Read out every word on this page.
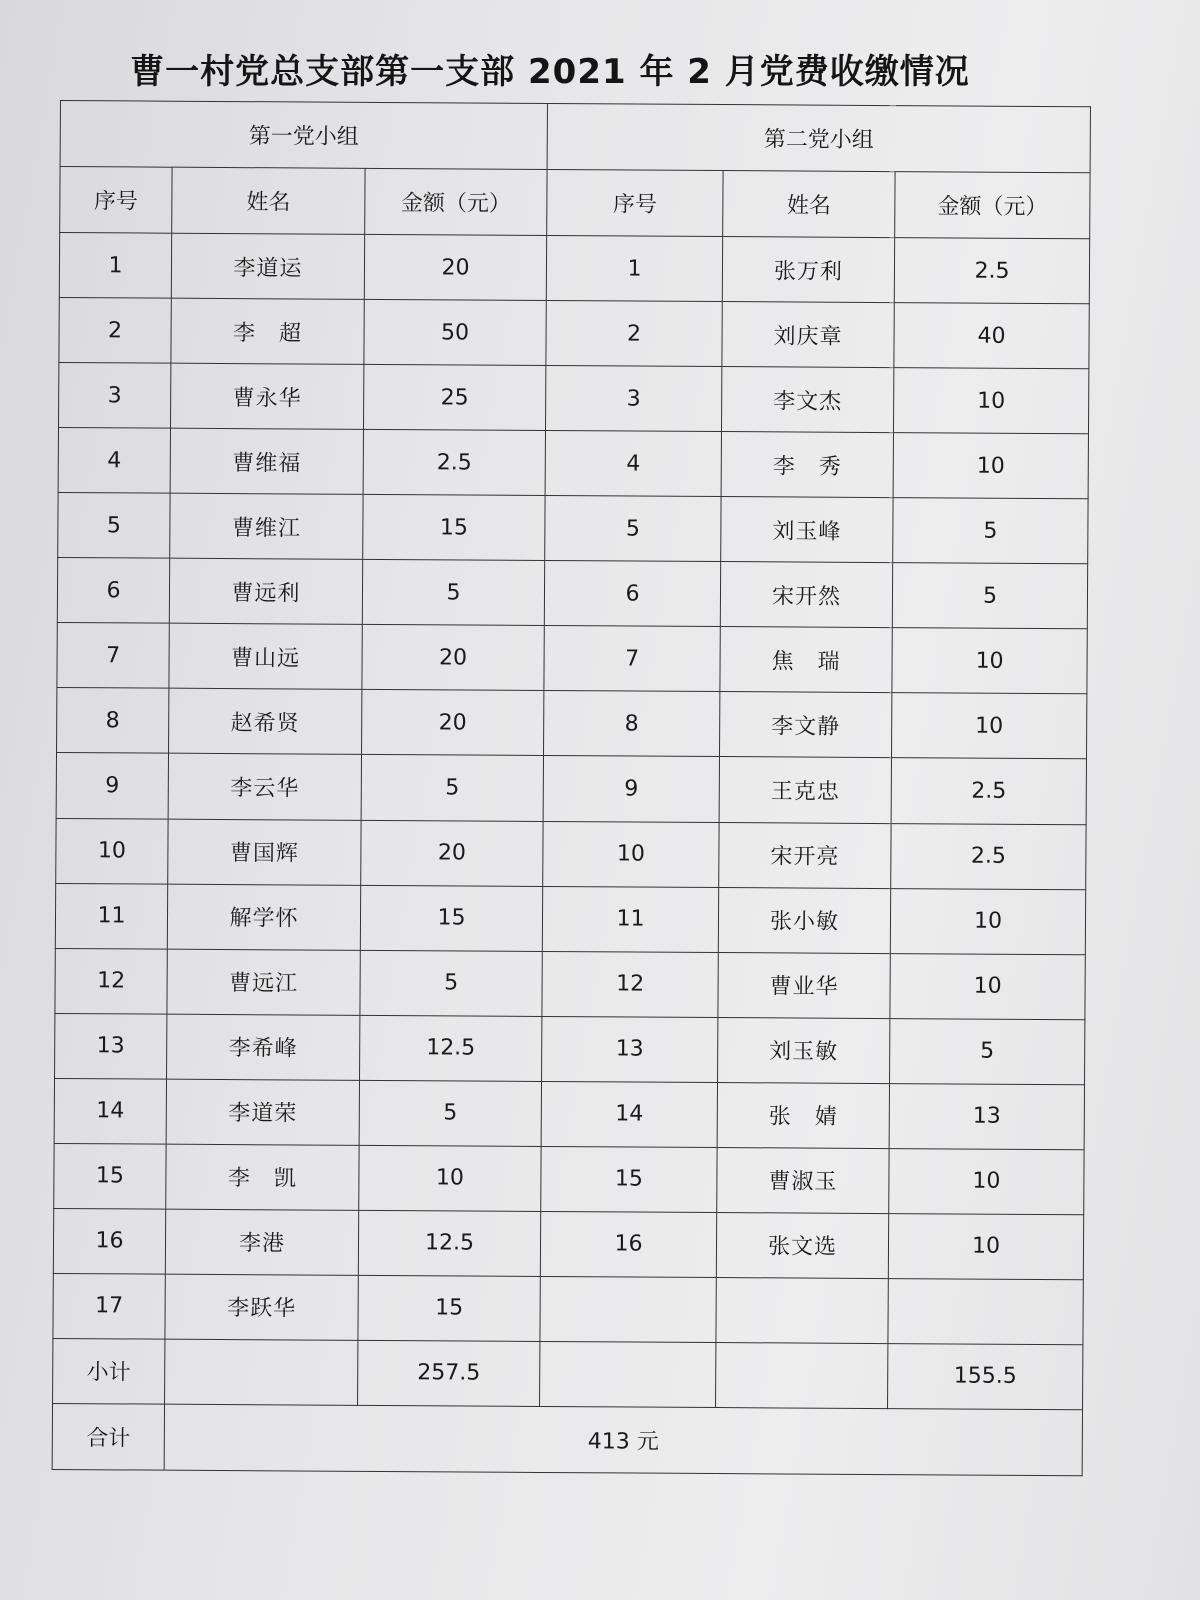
曹一村党总支部第一支部 2021 年 2 月党费收缴情况
第一党小组			第二党小组		
序号	姓名	金额（元）	序号	姓名	金额（元）
1	李道运	20	1	张万利	2.5
2	李　超	50	2	刘庆章	40
3	曹永华	25	3	李文杰	10
4	曹维福	2.5	4	李　秀	10
5	曹维江	15	5	刘玉峰	5
6	曹远利	5	6	宋开然	5
7	曹山远	20	7	焦　瑞	10
8	赵希贤	20	8	李文静	10
9	李云华	5	9	王克忠	2.5
10	曹国辉	20	10	宋开亮	2.5
11	解学怀	15	11	张小敏	10
12	曹远江	5	12	曹业华	10
13	李希峰	12.5	13	刘玉敏	5
14	李道荣	5	14	张　婧	13
15	李　凯	10	15	曹淑玉	10
16	李港	12.5	16	张文选	10
17	李跃华	15			
小计		257.5			155.5
合计	413 元				
